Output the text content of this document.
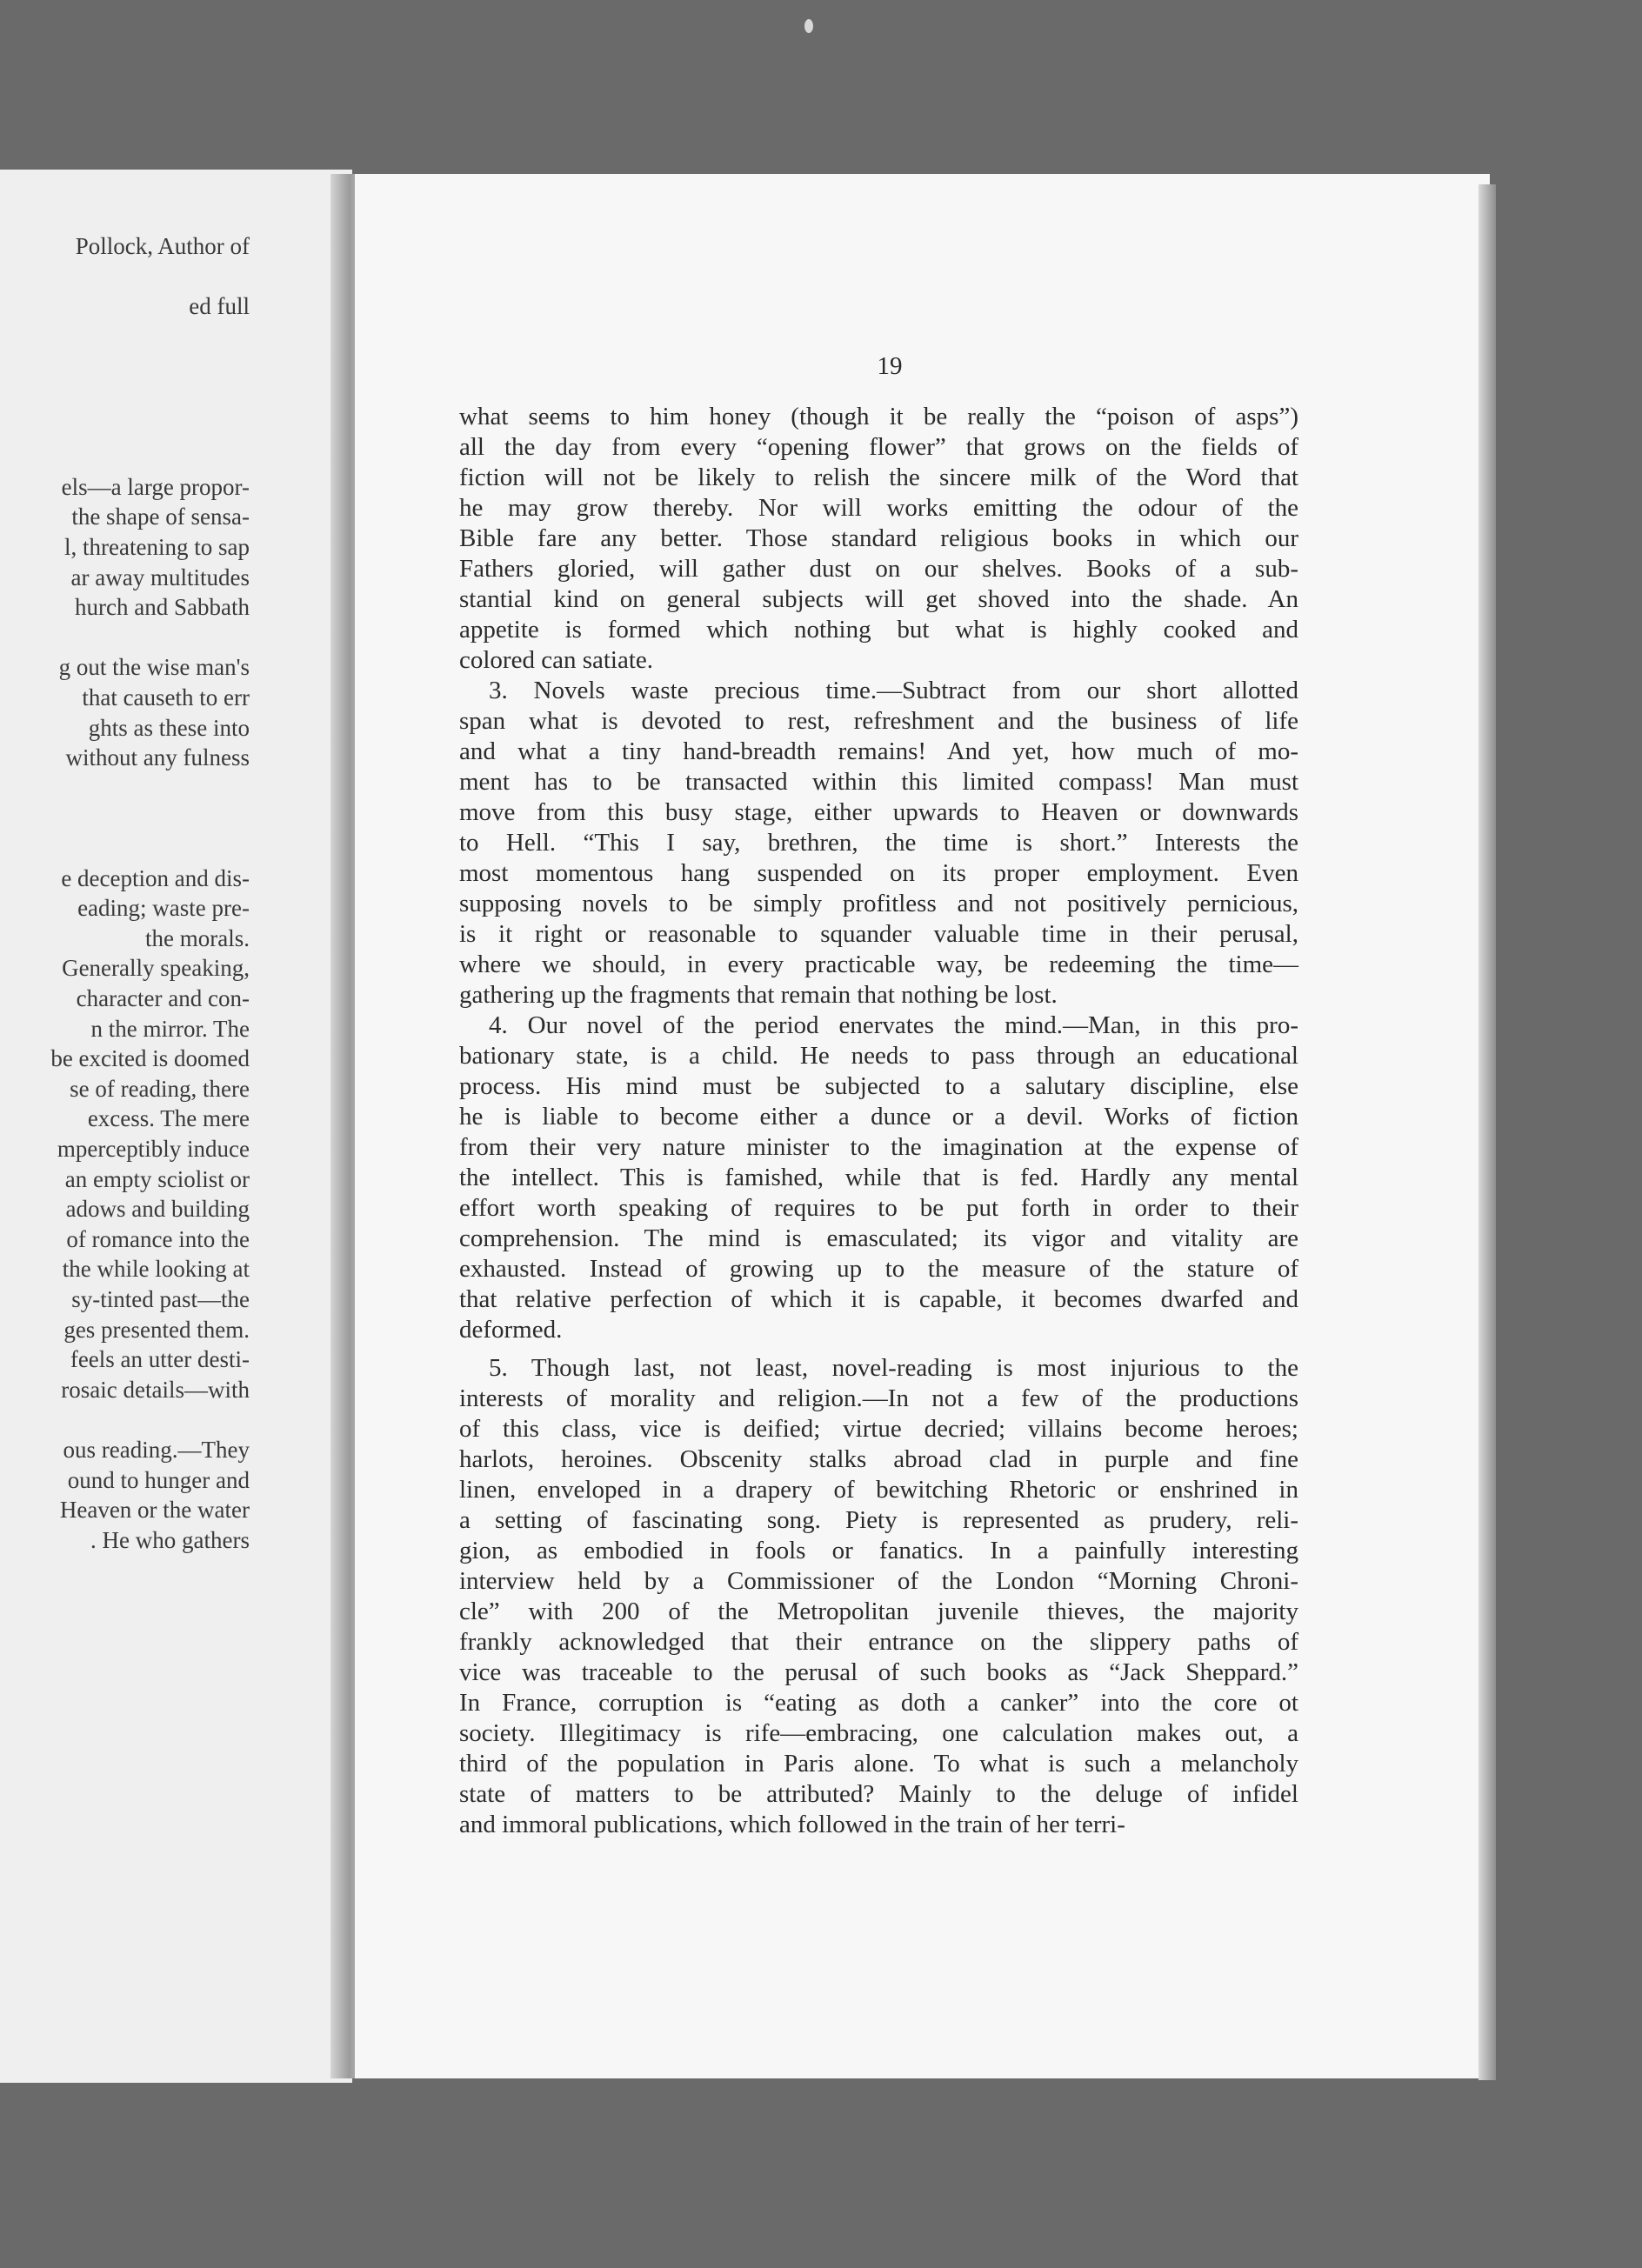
Pollock, Author of
ed full
els—a large propor-
the shape of sensa-
l, threatening to sap
ar away multitudes
hurch and Sabbath
g out the wise man's
that causeth to err
ghts as these into
without any fulness
e deception and dis-
eading; waste pre-
the morals.
Generally speaking,
character and con-
n the mirror. The
be excited is doomed
se of reading, there
excess. The mere
mperceptibly induce
an empty sciolist or
adows and building
of romance into the
the while looking at
sy-tinted past—the
ges presented them.
feels an utter desti-
rosaic details—with
ous reading.—They
ound to hunger and
Heaven or the water
. He who gathers
19
what seems to him honey (though it be really the “poison of asps”)
all the day from every “opening flower” that grows on the fields of
fiction will not be likely to relish the sincere milk of the Word that
he may grow thereby. Nor will works emitting the odour of the
Bible fare any better. Those standard religious books in which our
Fathers gloried, will gather dust on our shelves. Books of a sub-
stantial kind on general subjects will get shoved into the shade. An
appetite is formed which nothing but what is highly cooked and
colored can satiate.
3. Novels waste precious time.—Subtract from our short allotted
span what is devoted to rest, refreshment and the business of life
and what a tiny hand-breadth remains! And yet, how much of mo-
ment has to be transacted within this limited compass! Man must
move from this busy stage, either upwards to Heaven or downwards
to Hell. “This I say, brethren, the time is short.” Interests the
most momentous hang suspended on its proper employment. Even
supposing novels to be simply profitless and not positively pernicious,
is it right or reasonable to squander valuable time in their perusal,
where we should, in every practicable way, be redeeming the time—
gathering up the fragments that remain that nothing be lost.
4. Our novel of the period enervates the mind.—Man, in this pro-
bationary state, is a child. He needs to pass through an educational
process. His mind must be subjected to a salutary discipline, else
he is liable to become either a dunce or a devil. Works of fiction
from their very nature minister to the imagination at the expense of
the intellect. This is famished, while that is fed. Hardly any mental
effort worth speaking of requires to be put forth in order to their
comprehension. The mind is emasculated; its vigor and vitality are
exhausted. Instead of growing up to the measure of the stature of
that relative perfection of which it is capable, it becomes dwarfed and
deformed.
5. Though last, not least, novel-reading is most injurious to the
interests of morality and religion.—In not a few of the productions
of this class, vice is deified; virtue decried; villains become heroes;
harlots, heroines. Obscenity stalks abroad clad in purple and fine
linen, enveloped in a drapery of bewitching Rhetoric or enshrined in
a setting of fascinating song. Piety is represented as prudery, reli-
gion, as embodied in fools or fanatics. In a painfully interesting
interview held by a Commissioner of the London “Morning Chroni-
cle” with 200 of the Metropolitan juvenile thieves, the majority
frankly acknowledged that their entrance on the slippery paths of
vice was traceable to the perusal of such books as “Jack Sheppard.”
In France, corruption is “eating as doth a canker” into the core ot
society. Illegitimacy is rife—embracing, one calculation makes out, a
third of the population in Paris alone. To what is such a melancholy
state of matters to be attributed? Mainly to the deluge of infidel
and immoral publications, which followed in the train of her terri-
